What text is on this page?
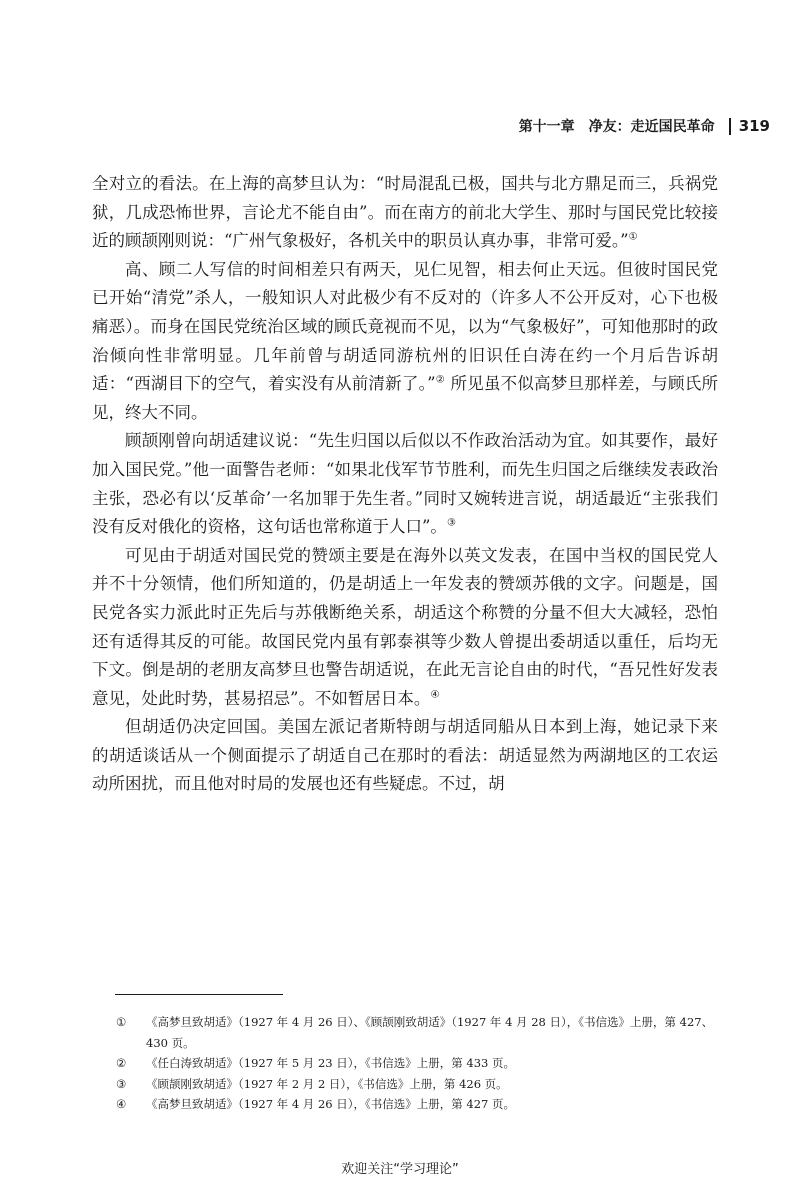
第十一章　净友：走近国民革命 319

全对立的看法。在上海的高梦旦认为：“时局混乱已极，国共与北方鼎足而三，兵祸党狱，几成恐怖世界，言论尤不能自由”。而在南方的前北大学生、那时与国民党比较接近的顾颉刚则说：“广州气象极好，各机关中的职员认真办事，非常可爱。”①

高、顾二人写信的时间相差只有两天，见仁见智，相去何止天远。但彼时国民党已开始“清党”杀人，一般知识人对此极少有不反对的（许多人不公开反对，心下也极痛恶）。而身在国民党统治区域的顾氏竟视而不见，以为“气象极好”，可知他那时的政治倾向性非常明显。几年前曾与胡适同游杭州的旧识任白涛在约一个月后告诉胡适：“西湖目下的空气，着实没有从前清新了。”② 所见虽不似高梦旦那样差，与顾氏所见，终大不同。

顾颉刚曾向胡适建议说：“先生归国以后似以不作政治活动为宜。如其要作，最好加入国民党。”他一面警告老师：“如果北伐军节节胜利，而先生归国之后继续发表政治主张，恐必有以‘反革命’一名加罪于先生者。”同时又婉转进言说，胡适最近“主张我们没有反对俄化的资格，这句话也常称道于人口”。③

可见由于胡适对国民党的赞颂主要是在海外以英文发表，在国中当权的国民党人并不十分领情，他们所知道的，仍是胡适上一年发表的赞颂苏俄的文字。问题是，国民党各实力派此时正先后与苏俄断绝关系，胡适这个称赞的分量不但大大减轻，恐怕还有适得其反的可能。故国民党内虽有郭泰祺等少数人曾提出委胡适以重任，后均无下文。倒是胡的老朋友高梦旦也警告胡适说，在此无言论自由的时代，“吾兄性好发表意见，处此时势，甚易招忌”。不如暂居日本。④

但胡适仍决定回国。美国左派记者斯特朗与胡适同船从日本到上海，她记录下来的胡适谈话从一个侧面提示了胡适自己在那时的看法：胡适显然为两湖地区的工农运动所困扰，而且他对时局的发展也还有些疑虑。不过，胡

①	《高梦旦致胡适》（1927 年 4 月 26 日）、《顾颉刚致胡适》（1927 年 4 月 28 日），《书信选》上册，第 427、430 页。
②	《任白涛致胡适》（1927 年 5 月 23 日），《书信选》上册，第 433 页。
③	《顾颉刚致胡适》（1927 年 2 月 2 日），《书信选》上册，第 426 页。
④	《高梦旦致胡适》（1927 年 4 月 26 日），《书信选》上册，第 427 页。
欢迎关注“学习理论”
